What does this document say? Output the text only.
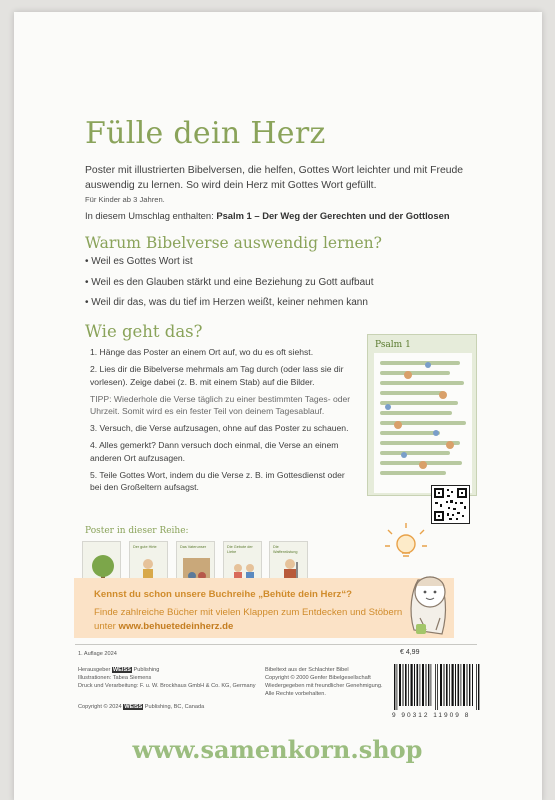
Fülle dein Herz
Poster mit illustrierten Bibelversen, die helfen, Gottes Wort leichter und mit Freude auswendig zu lernen. So wird dein Herz mit Gottes Wort gefüllt.
Für Kinder ab 3 Jahren.
In diesem Umschlag enthalten: Psalm 1 – Der Weg der Gerechten und der Gottlosen
Warum Bibelverse auswendig lernen?
• Weil es Gottes Wort ist
• Weil es den Glauben stärkt und eine Beziehung zu Gott aufbaut
• Weil dir das, was du tief im Herzen weißt, keiner nehmen kann
Wie geht das?
1. Hänge das Poster an einem Ort auf, wo du es oft siehst.
2. Lies dir die Bibelverse mehrmals am Tag durch (oder lass sie dir vorlesen). Zeige dabei (z. B. mit einem Stab) auf die Bilder.
TIPP: Wiederhole die Verse täglich zu einer bestimmten Tages- oder Uhrzeit. Somit wird es ein fester Teil von deinem Tagesablauf.
3. Versuch, die Verse aufzusagen, ohne auf das Poster zu schauen.
4. Alles gemerkt? Dann versuch doch einmal, die Verse an einem anderen Ort aufzusagen.
5. Teile Gottes Wort, indem du die Verse z. B. im Gottesdienst oder bei den Großeltern aufsagst.
Psalm 1
Poster in dieser Reihe:
Der gute Hirte	Das Vaterunser	Die Gebote der Liebe
Die Waffenrüstung
Kennst du schon unsere Buchreihe „Behüte dein Herz“?
Finde zahlreiche Bücher mit vielen Klappen zum Entdecken und Stöbern unter www.behuetedeinherz.de
1. Auflage 2024
Herausgeber WEISS Publishing
Illustrationen: Tabea Siemens
Druck und Verarbeitung: F. u. W. Brockhaus GmbH & Co. KG, Germany
Copyright © 2024 WEISS Publishing, BC, Canada
Bibeltext aus der Schlachter Bibel
Copyright © 2000 Genfer Bibelgesellschaft
Wiedergegeben mit freundlicher Genehmigung.
Alle Rechte vorbehalten.
€ 4,99
9 90312 11909 8
www.samenkorn.shop
